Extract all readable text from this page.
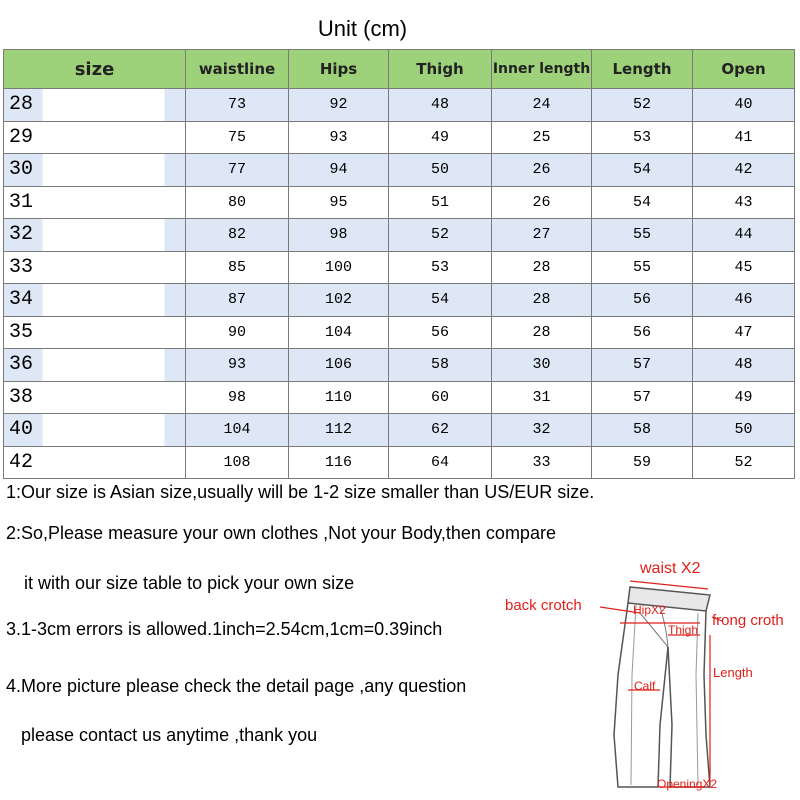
Unit (cm)
size	waistline	Hips	Thigh	Inner length	Length	Open
28	73	92	48	24	52	40
29	75	93	49	25	53	41
30	77	94	50	26	54	42
31	80	95	51	26	54	43
32	82	98	52	27	55	44
33	85	100	53	28	55	45
34	87	102	54	28	56	46
35	90	104	56	28	56	47
36	93	106	58	30	57	48
38	98	110	60	31	57	49
40	104	112	62	32	58	50
42	108	116	64	33	59	52
1:Our size is Asian size,usually will be 1-2 size smaller than US/EUR size.
2:So,Please measure your own clothes ,Not your Body,then compare
it with our size table to pick your own size
3.1-3cm errors is allowed.1inch=2.54cm,1cm=0.39inch
4.More picture please check the detail page ,any question
please contact us anytime ,thank you
waist X2
back crotch	HipX2
Thigh
frong croth
Length
Calf
OpeningX2
